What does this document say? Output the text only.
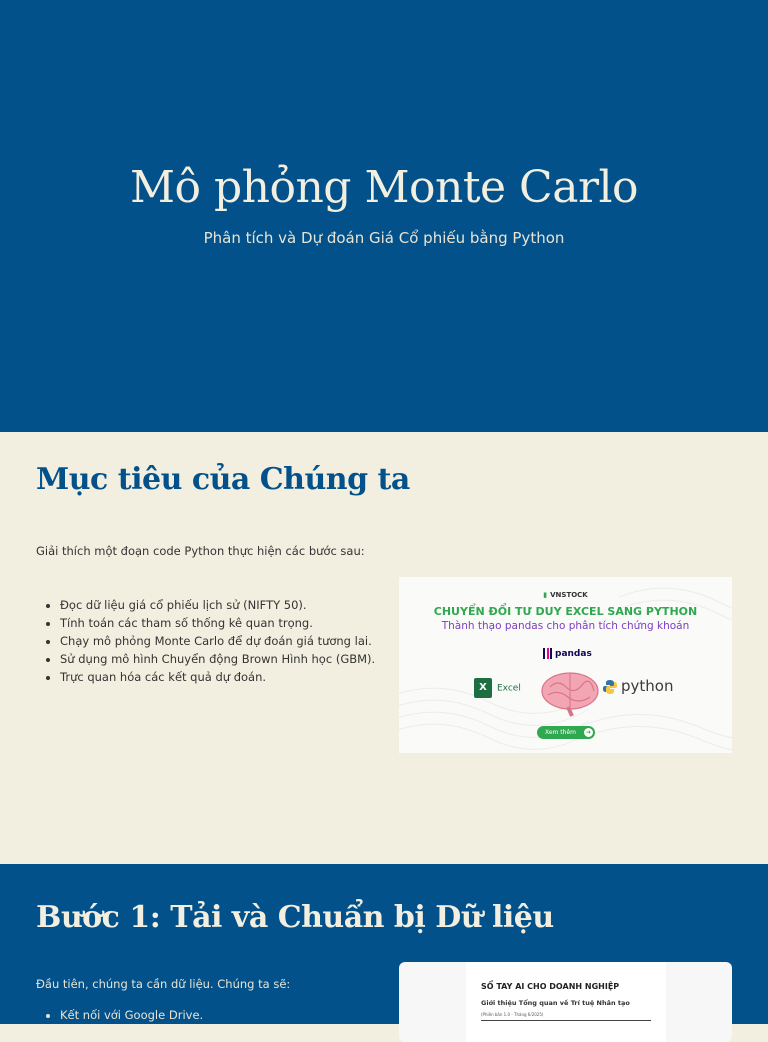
Mô phỏng Monte Carlo

Phân tích và Dự đoán Giá Cổ phiếu bằng Python

Mục tiêu của Chúng ta

Giải thích một đoạn code Python thực hiện các bước sau:

• Đọc dữ liệu giá cổ phiếu lịch sử (NIFTY 50).
• Tính toán các tham số thống kê quan trọng.
• Chạy mô phỏng Monte Carlo để dự đoán giá tương lai.
• Sử dụng mô hình Chuyển động Brown Hình học (GBM).
• Trực quan hóa các kết quả dự đoán.
▮ VNSTOCK
CHUYỂN ĐỔI TƯ DUY EXCEL SANG PYTHON
Thành thạo pandas cho phân tích chứng khoán
pandas
X Excel	python
Xem thêm	➜
Bước 1: Tải và Chuẩn bị Dữ liệu

Đầu tiên, chúng ta cần dữ liệu. Chúng ta sẽ:

• Kết nối với Google Drive.
SỔ TAY AI CHO DOANH NGHIỆP
Giới thiệu Tổng quan về Trí tuệ Nhân tạo
(Phiên bản 1.0 - Tháng 6/2025)
